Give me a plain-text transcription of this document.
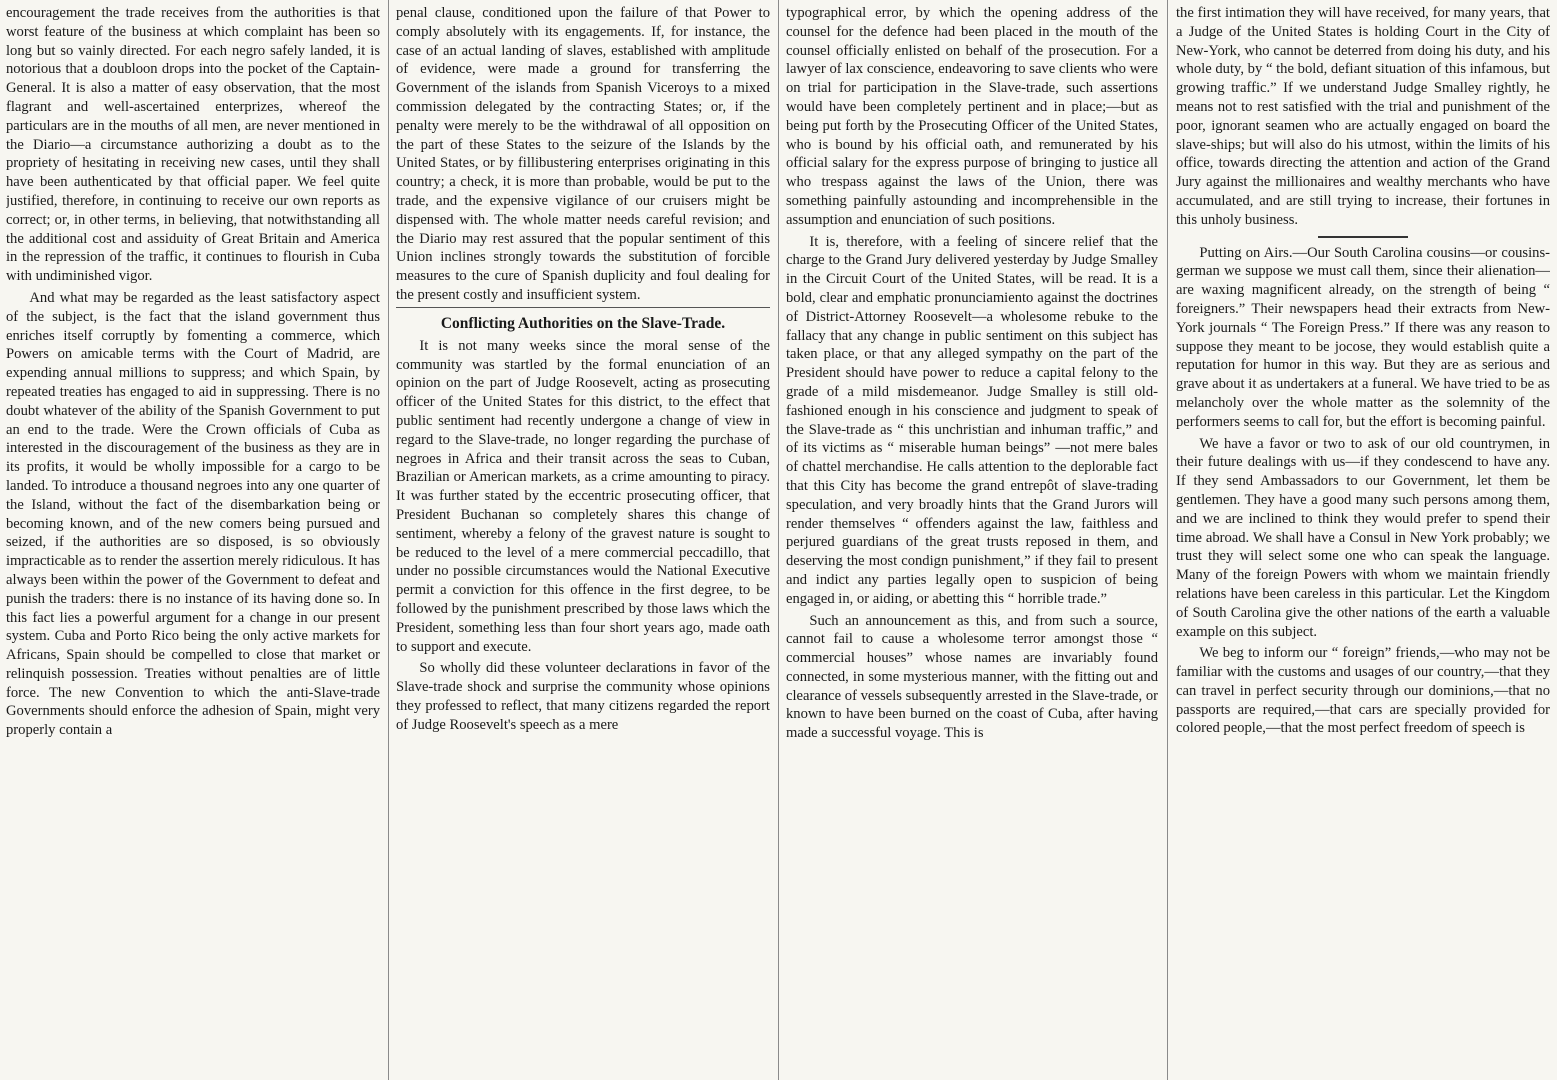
encouragement the trade receives from the authorities is that worst feature of the business at which complaint has been so long but so vainly directed. For each negro safely landed, it is notorious that a doubloon drops into the pocket of the Captain-General. It is also a matter of easy observation, that the most flagrant and well-ascertained enterprizes, whereof the particulars are in the mouths of all men, are never mentioned in the Diario—a circumstance authorizing a doubt as to the propriety of hesitating in receiving new cases, until they shall have been authenticated by that official paper. We feel quite justified, therefore, in continuing to receive our own reports as correct; or, in other terms, in believing, that notwithstanding all the additional cost and assiduity of Great Britain and America in the repression of the traffic, it continues to flourish in Cuba with undiminished vigor.

And what may be regarded as the least satisfactory aspect of the subject, is the fact that the island government thus enriches itself corruptly by fomenting a commerce, which Powers on amicable terms with the Court of Madrid, are expending annual millions to suppress; and which Spain, by repeated treaties has engaged to aid in suppressing. There is no doubt whatever of the ability of the Spanish Government to put an end to the trade. Were the Crown officials of Cuba as interested in the discouragement of the business as they are in its profits, it would be wholly impossible for a cargo to be landed. To introduce a thousand negroes into any one quarter of the Island, without the fact of the disembarkation being or becoming known, and of the new comers being pursued and seized, if the authorities are so disposed, is so obviously impracticable as to render the assertion merely ridiculous. It has always been within the power of the Government to defeat and punish the traders: there is no instance of its having done so. In this fact lies a powerful argument for a change in our present system. Cuba and Porto Rico being the only active markets for Africans, Spain should be compelled to close that market or relinquish possession. Treaties without penalties are of little force. The new Convention to which the anti-Slave-trade Governments should enforce the adhesion of Spain, might very properly contain a

penal clause, conditioned upon the failure of that Power to comply absolutely with its engagements. If, for instance, the case of an actual landing of slaves, established with amplitude of evidence, were made a ground for transferring the Government of the islands from Spanish Viceroys to a mixed commission delegated by the contracting States; or, if the penalty were merely to be the withdrawal of all opposition on the part of these States to the seizure of the Islands by the United States, or by fillibustering enterprises originating in this country; a check, it is more than probable, would be put to the trade, and the expensive vigilance of our cruisers might be dispensed with. The whole matter needs careful revision; and the Diario may rest assured that the popular sentiment of this Union inclines strongly towards the substitution of forcible measures to the cure of Spanish duplicity and foul dealing for the present costly and insufficient system.

Conflicting Authorities on the Slave-Trade.

It is not many weeks since the moral sense of the community was startled by the formal enunciation of an opinion on the part of Judge Roosevelt, acting as prosecuting officer of the United States for this district, to the effect that public sentiment had recently undergone a change of view in regard to the Slave-trade, no longer regarding the purchase of negroes in Africa and their transit across the seas to Cuban, Brazilian or American markets, as a crime amounting to piracy. It was further stated by the eccentric prosecuting officer, that President Buchanan so completely shares this change of sentiment, whereby a felony of the gravest nature is sought to be reduced to the level of a mere commercial peccadillo, that under no possible circumstances would the National Executive permit a conviction for this offence in the first degree, to be followed by the punishment prescribed by those laws which the President, something less than four short years ago, made oath to support and execute.

So wholly did these volunteer declarations in favor of the Slave-trade shock and surprise the community whose opinions they professed to reflect, that many citizens regarded the report of Judge Roosevelt's speech as a mere

typographical error, by which the opening address of the counsel for the defence had been placed in the mouth of the counsel officially enlisted on behalf of the prosecution. For a lawyer of lax conscience, endeavoring to save clients who were on trial for participation in the Slave-trade, such assertions would have been completely pertinent and in place;—but as being put forth by the Prosecuting Officer of the United States, who is bound by his official oath, and remunerated by his official salary for the express purpose of bringing to justice all who trespass against the laws of the Union, there was something painfully astounding and incomprehensible in the assumption and enunciation of such positions.

It is, therefore, with a feeling of sincere relief that the charge to the Grand Jury delivered yesterday by Judge Smalley in the Circuit Court of the United States, will be read. It is a bold, clear and emphatic pronunciamiento against the doctrines of District-Attorney Roosevelt—a wholesome rebuke to the fallacy that any change in public sentiment on this subject has taken place, or that any alleged sympathy on the part of the President should have power to reduce a capital felony to the grade of a mild misdemeanor. Judge Smalley is still old-fashioned enough in his conscience and judgment to speak of the Slave-trade as “ this unchristian and inhuman traffic,” and of its victims as “ miserable human beings” —not mere bales of chattel merchandise. He calls attention to the deplorable fact that this City has become the grand entrepôt of slave-trading speculation, and very broadly hints that the Grand Jurors will render themselves “ offenders against the law, faithless and perjured guardians of the great trusts reposed in them, and deserving the most condign punishment,” if they fail to present and indict any parties legally open to suspicion of being engaged in, or aiding, or abetting this “ horrible trade.”

Such an announcement as this, and from such a source, cannot fail to cause a wholesome terror amongst those “ commercial houses” whose names are invariably found connected, in some mysterious manner, with the fitting out and clearance of vessels subsequently arrested in the Slave-trade, or known to have been burned on the coast of Cuba, after having made a successful voyage. This is

the first intimation they will have received, for many years, that a Judge of the United States is holding Court in the City of New-York, who cannot be deterred from doing his duty, and his whole duty, by “ the bold, defiant situation of this infamous, but growing traffic.” If we understand Judge Smalley rightly, he means not to rest satisfied with the trial and punishment of the poor, ignorant seamen who are actually engaged on board the slave-ships; but will also do his utmost, within the limits of his office, towards directing the attention and action of the Grand Jury against the millionaires and wealthy merchants who have accumulated, and are still trying to increase, their fortunes in this unholy business.

Putting on Airs.—Our South Carolina cousins—or cousins-german we suppose we must call them, since their alienation—are waxing magnificent already, on the strength of being “ foreigners.” Their newspapers head their extracts from New-York journals “ The Foreign Press.” If there was any reason to suppose they meant to be jocose, they would establish quite a reputation for humor in this way. But they are as serious and grave about it as undertakers at a funeral. We have tried to be as melancholy over the whole matter as the solemnity of the performers seems to call for, but the effort is becoming painful.

We have a favor or two to ask of our old countrymen, in their future dealings with us—if they condescend to have any. If they send Ambassadors to our Government, let them be gentlemen. They have a good many such persons among them, and we are inclined to think they would prefer to spend their time abroad. We shall have a Consul in New York probably; we trust they will select some one who can speak the language. Many of the foreign Powers with whom we maintain friendly relations have been careless in this particular. Let the Kingdom of South Carolina give the other nations of the earth a valuable example on this subject.

We beg to inform our “ foreign” friends,—who may not be familiar with the customs and usages of our country,—that they can travel in perfect security through our dominions,—that no passports are required,—that cars are specially provided for colored people,—that the most perfect freedom of speech is
